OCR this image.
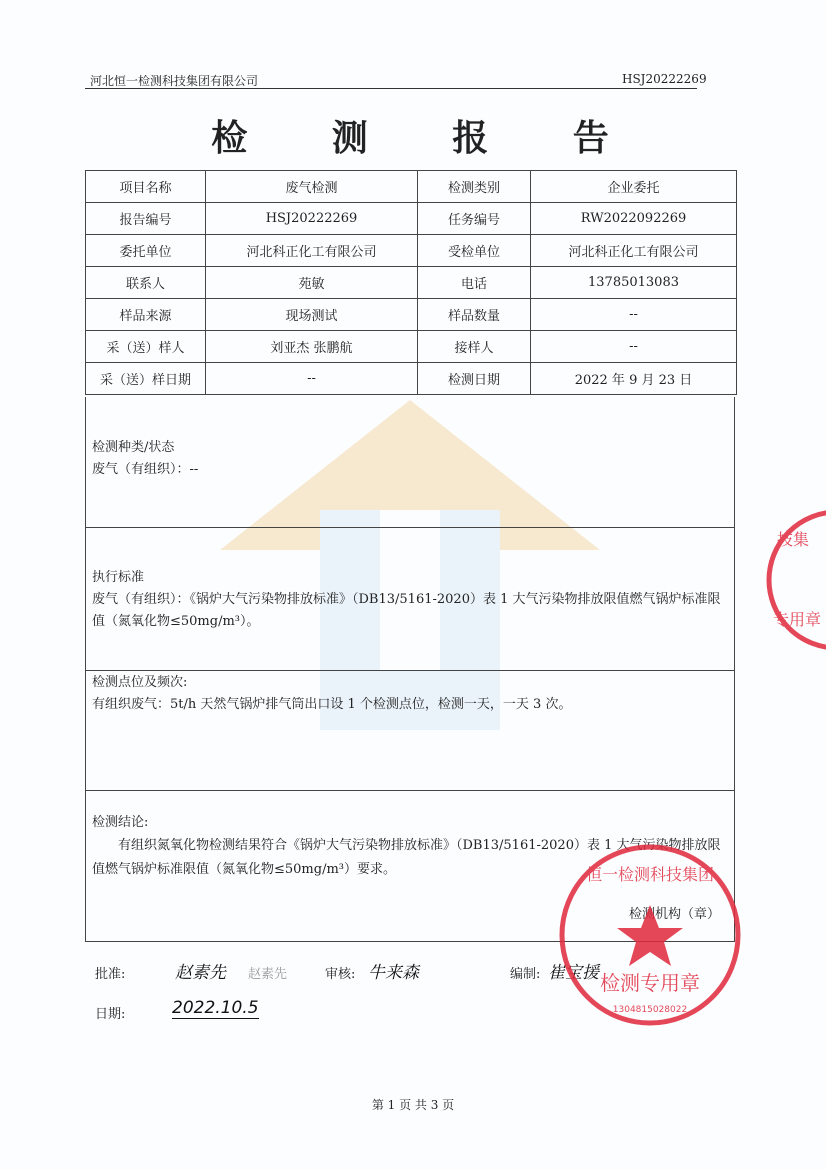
河北恒一检测科技集团有限公司	HSJ20222269
检 测 报 告
项目名称	废气检测	检测类别	企业委托
报告编号	HSJ20222269	任务编号	RW2022092269
委托单位	河北科正化工有限公司	受检单位	河北科正化工有限公司
联系人	苑敏	电话	13785013083
样品来源	现场测试	样品数量	--
采（送）样人	刘亚杰 张鹏航	接样人	--
采（送）样日期	--	检测日期	2022 年 9 月 23 日
检测种类/状态
废气（有组织）：--
执行标准
废气（有组织）：《锅炉大气污染物排放标准》（DB13/5161-2020）表 1 大气污染物排放限值燃气锅炉标准限值（氮氧化物≤50mg/m³）。
检测点位及频次:
有组织废气：5t/h 天然气锅炉排气筒出口设 1 个检测点位，检测一天，一天 3 次。
检测结论:
有组织氮氧化物检测结果符合《锅炉大气污染物排放标准》（DB13/5161-2020）表 1 大气污染物排放限值燃气锅炉标准限值（氮氧化物≤50mg/m³）要求。
检测机构（章）
批准:	赵素先 赵素先	审核: 牛来森	编制: 崔宝援
日期:	2022.10.5
检测专用章
恒一检测科技集团
1304815028022
技集
专用章
第 1 页 共 3 页
